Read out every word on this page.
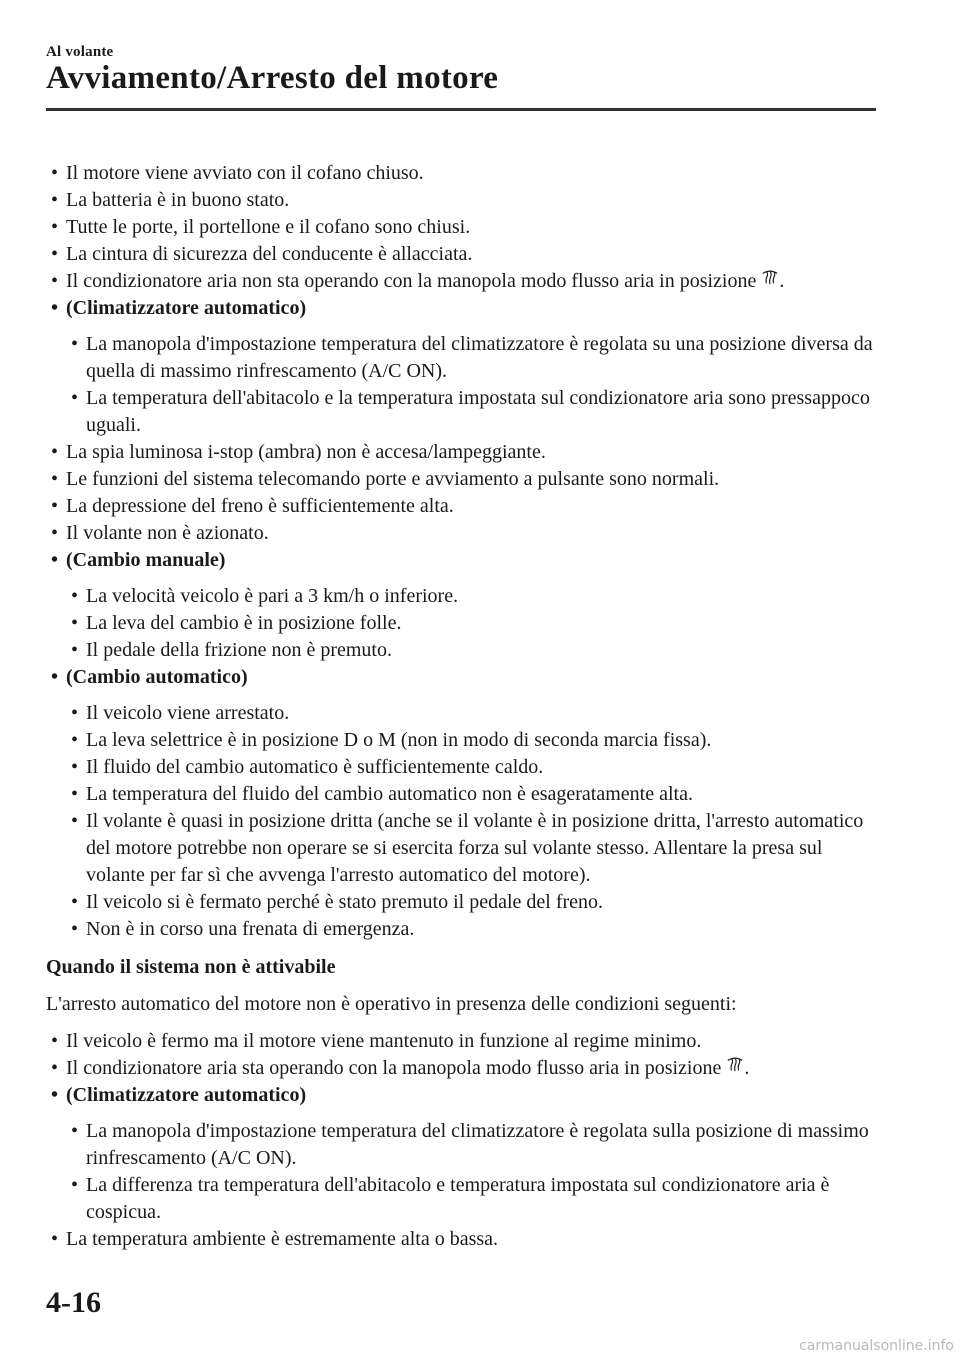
Al volante
Avviamento/Arresto del motore
• Il motore viene avviato con il cofano chiuso.
• La batteria è in buono stato.
• Tutte le porte, il portellone e il cofano sono chiusi.
• La cintura di sicurezza del conducente è allacciata.
• Il condizionatore aria non sta operando con la manopola modo flusso aria in posizione .
• (Climatizzatore automatico)
• La manopola d'impostazione temperatura del climatizzatore è regolata su una posizione diversa da quella di massimo rinfrescamento (A/C ON).
• La temperatura dell'abitacolo e la temperatura impostata sul condizionatore aria sono pressappoco uguali.
• La spia luminosa i-stop (ambra) non è accesa/lampeggiante.
• Le funzioni del sistema telecomando porte e avviamento a pulsante sono normali.
• La depressione del freno è sufficientemente alta.
• Il volante non è azionato.
• (Cambio manuale)
• La velocità veicolo è pari a 3 km/h o inferiore.
• La leva del cambio è in posizione folle.
• Il pedale della frizione non è premuto.
• (Cambio automatico)
• Il veicolo viene arrestato.
• La leva selettrice è in posizione D o M (non in modo di seconda marcia fissa).
• Il fluido del cambio automatico è sufficientemente caldo.
• La temperatura del fluido del cambio automatico non è esageratamente alta.
• Il volante è quasi in posizione dritta (anche se il volante è in posizione dritta, l'arresto automatico del motore potrebbe non operare se si esercita forza sul volante stesso. Allentare la presa sul volante per far sì che avvenga l'arresto automatico del motore).
• Il veicolo si è fermato perché è stato premuto il pedale del freno.
• Non è in corso una frenata di emergenza.
Quando il sistema non è attivabile
L'arresto automatico del motore non è operativo in presenza delle condizioni seguenti:
• Il veicolo è fermo ma il motore viene mantenuto in funzione al regime minimo.
• Il condizionatore aria sta operando con la manopola modo flusso aria in posizione .
• (Climatizzatore automatico)
• La manopola d'impostazione temperatura del climatizzatore è regolata sulla posizione di massimo rinfrescamento (A/C ON).
• La differenza tra temperatura dell'abitacolo e temperatura impostata sul condizionatore aria è cospicua.
• La temperatura ambiente è estremamente alta o bassa.
4-16
carmanualsonline.info
